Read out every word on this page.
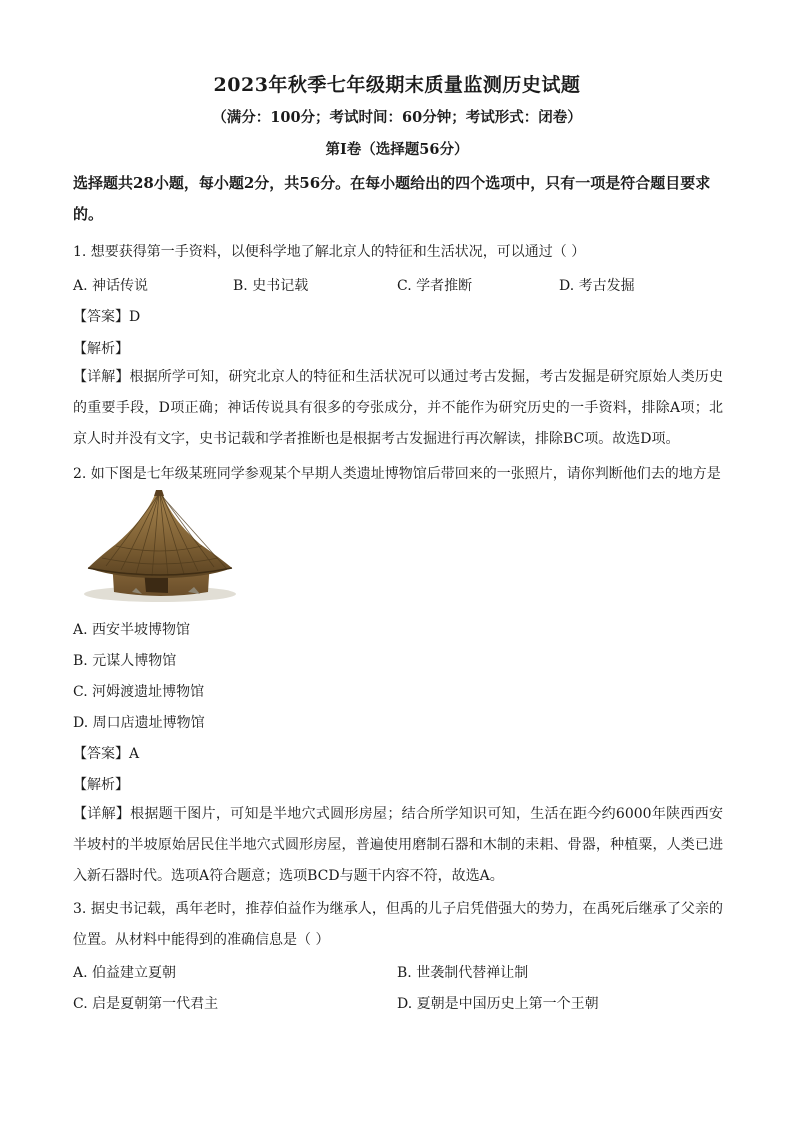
2023年秋季七年级期末质量监测历史试题
（满分：100分；考试时间：60分钟；考试形式：闭卷）
第Ⅰ卷（选择题56分）
选择题共28小题，每小题2分，共56分。在每小题给出的四个选项中，只有一项是符合题目要求的。
1. 想要获得第一手资料，以便科学地了解北京人的特征和生活状况，可以通过（ ）
A. 神话传说	B. 史书记载	C. 学者推断	D. 考古发掘
【答案】D
【解析】
【详解】根据所学可知，研究北京人的特征和生活状况可以通过考古发掘，考古发掘是研究原始人类历史的重要手段，D项正确；神话传说具有很多的夸张成分，并不能作为研究历史的一手资料，排除A项；北京人时并没有文字，史书记载和学者推断也是根据考古发掘进行再次解读，排除BC项。故选D项。
2. 如下图是七年级某班同学参观某个早期人类遗址博物馆后带回来的一张照片，请你判断他们去的地方是
A. 西安半坡博物馆
B. 元谋人博物馆
C. 河姆渡遗址博物馆
D. 周口店遗址博物馆
【答案】A
【解析】
【详解】根据题干图片，可知是半地穴式圆形房屋；结合所学知识可知，生活在距今约6000年陕西西安半坡村的半坡原始居民住半地穴式圆形房屋，普遍使用磨制石器和木制的耒耜、骨器，种植粟，人类已进入新石器时代。选项A符合题意；选项BCD与题干内容不符，故选A。
3. 据史书记载，禹年老时，推荐伯益作为继承人，但禹的儿子启凭借强大的势力，在禹死后继承了父亲的位置。从材料中能得到的准确信息是（ ）
A. 伯益建立夏朝	B. 世袭制代替禅让制
C. 启是夏朝第一代君主	D. 夏朝是中国历史上第一个王朝
